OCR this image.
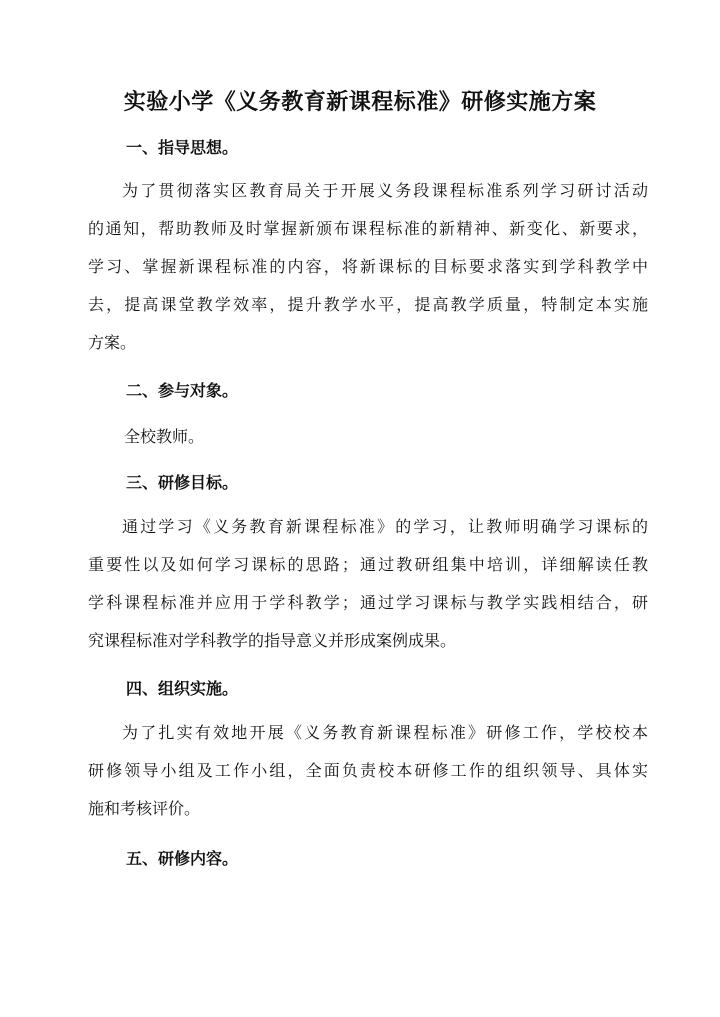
实验小学《义务教育新课程标准》研修实施方案
一、指导思想。
为了贯彻落实区教育局关于开展义务段课程标准系列学习研讨活动
的通知，帮助教师及时掌握新颁布课程标准的新精神、新变化、新要求，
学习、掌握新课程标准的内容，将新课标的目标要求落实到学科教学中
去，提高课堂教学效率，提升教学水平，提高教学质量，特制定本实施
方案。
二、参与对象。

全校教师。

三、研修目标。
通过学习《义务教育新课程标准》的学习，让教师明确学习课标的
重要性以及如何学习课标的思路；通过教研组集中培训，详细解读任教
学科课程标准并应用于学科教学；通过学习课标与教学实践相结合，研
究课程标准对学科教学的指导意义并形成案例成果。
四、组织实施。
为了扎实有效地开展《义务教育新课程标准》研修工作，学校校本
研修领导小组及工作小组，全面负责校本研修工作的组织领导、具体实
施和考核评价。
五、研修内容。
